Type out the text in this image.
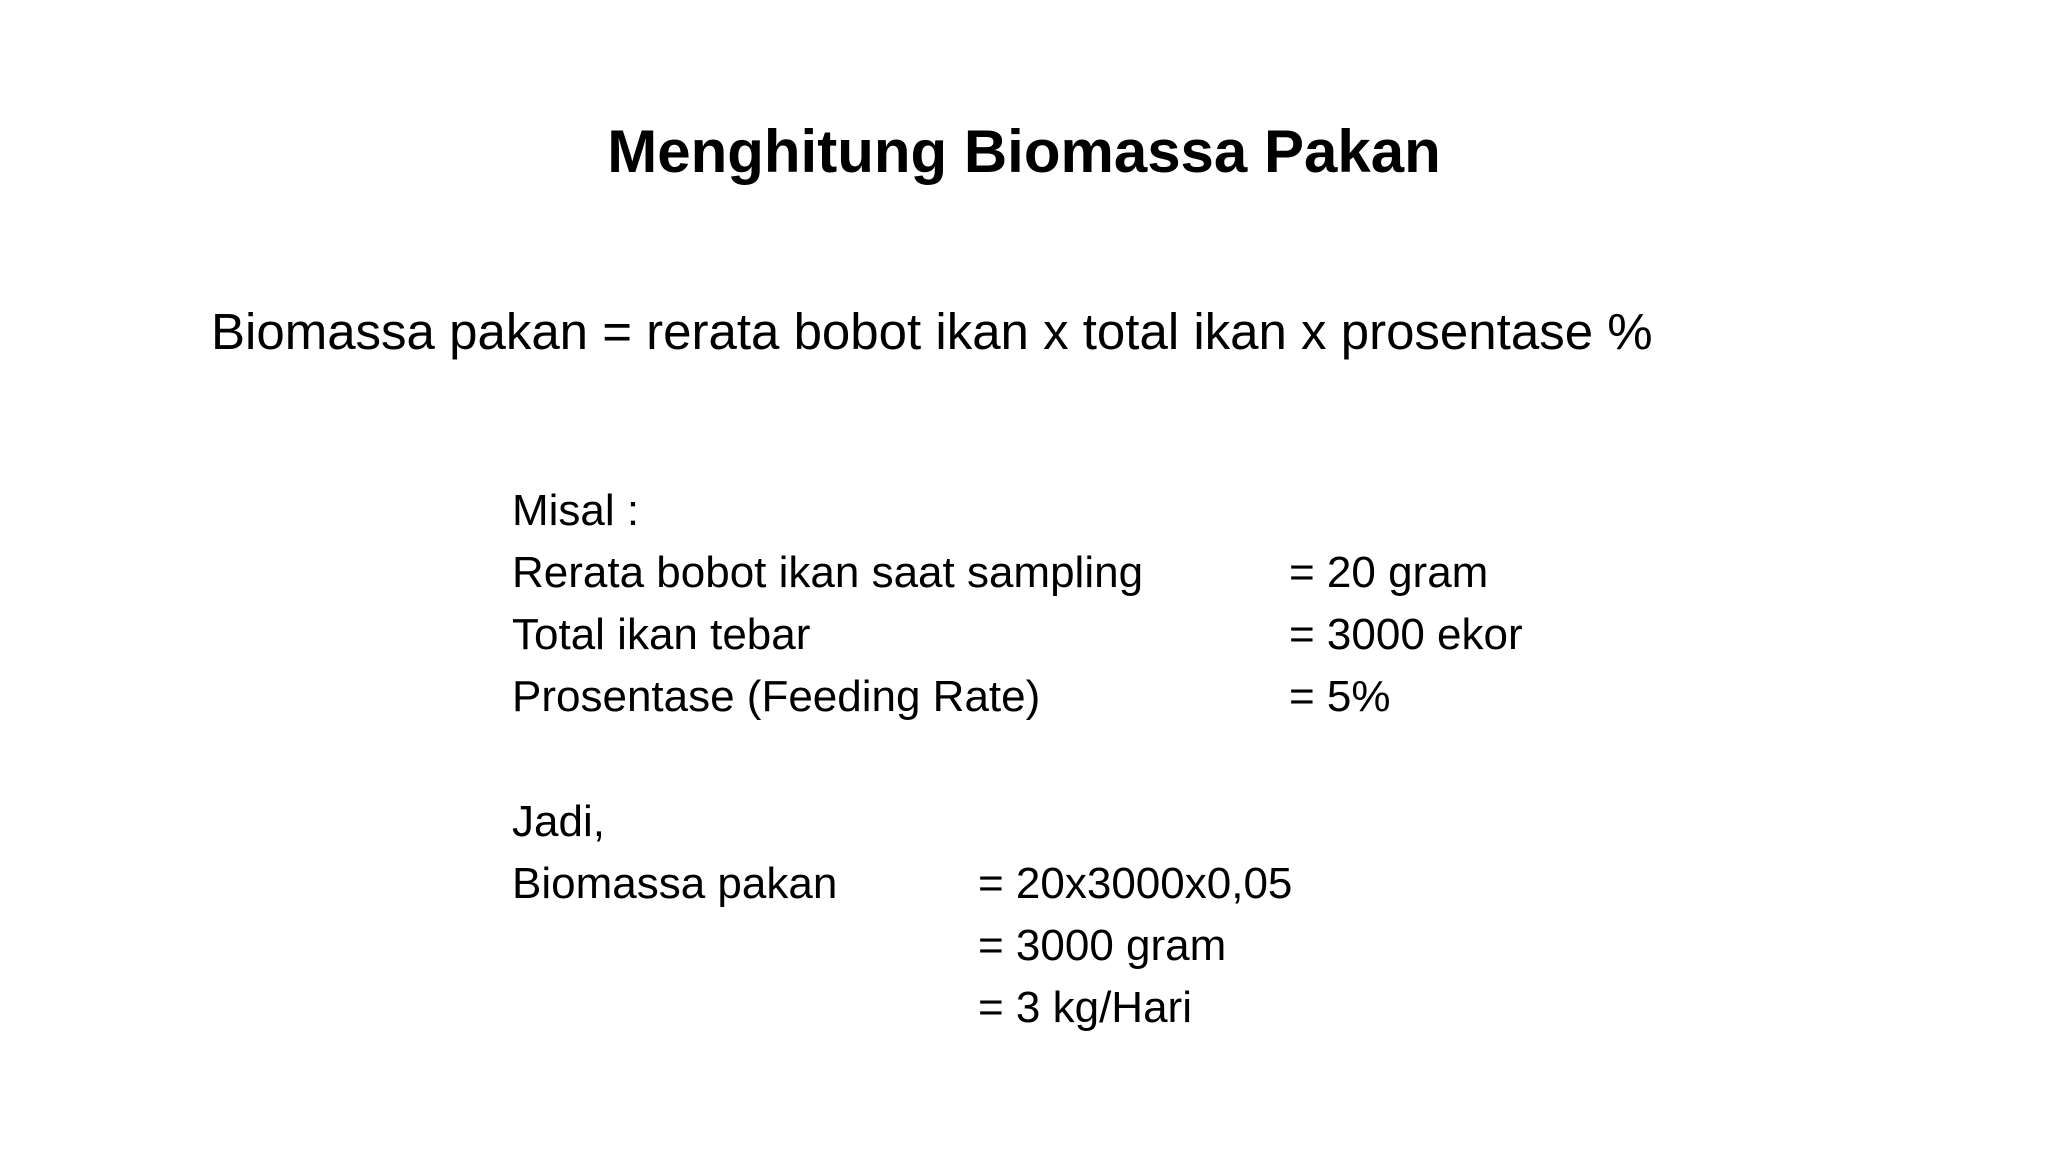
Menghitung Biomassa Pakan
Biomassa pakan = rerata bobot ikan x total ikan x prosentase %
Misal :
Rerata bobot ikan saat sampling	= 20 gram
Total ikan tebar	= 3000 ekor
Prosentase (Feeding Rate)	= 5%
Jadi,
Biomassa pakan	= 20x3000x0,05
= 3000 gram
= 3 kg/Hari
